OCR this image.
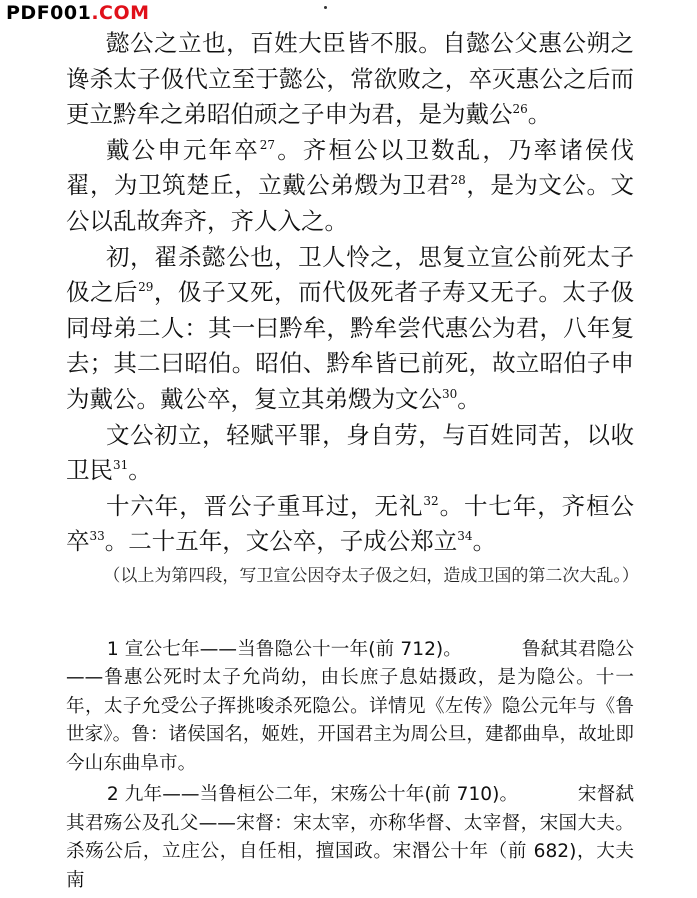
PDF001.COM

懿公之立也，百姓大臣皆不服。自懿公父惠公朔之谗杀太子伋代立至于懿公，常欲败之，卒灭惠公之后而更立黔牟之弟昭伯顽之子申为君，是为戴公$^{26}$。

戴公申元年卒$^{27}$。齐桓公以卫数乱，乃率诸侯伐翟，为卫筑楚丘，立戴公弟燬为卫君$^{28}$，是为文公。文公以乱故奔齐，齐人入之。

初，翟杀懿公也，卫人怜之，思复立宣公前死太子伋之后$^{29}$，伋子又死，而代伋死者子寿又无子。太子伋同母弟二人：其一曰黔牟，黔牟尝代惠公为君，八年复去；其二曰昭伯。昭伯、黔牟皆已前死，故立昭伯子申为戴公。戴公卒，复立其弟燬为文公$^{30}$。

文公初立，轻赋平罪，身自劳，与百姓同苦，以收卫民$^{31}$。

十六年，晋公子重耳过，无礼$^{32}$。十七年，齐桓公卒$^{33}$。二十五年，文公卒，子成公郑立$^{34}$。

（以上为第四段，写卫宣公因夺太子伋之妇，造成卫国的第二次大乱。）

1 宣公七年——当鲁隐公十一年(前 712)。	鲁弑其君隐公——鲁惠公死时太子允尚幼，由长庶子息姑摄政，是为隐公。十一年，太子允受公子挥挑唆杀死隐公。详情见《左传》隐公元年与《鲁世家》。鲁：诸侯国名，姬姓，开国君主为周公旦，建都曲阜，故址即今山东曲阜市。

2 九年——当鲁桓公二年，宋殇公十年(前 710)。	宋督弑其君殇公及孔父——宋督：宋太宰，亦称华督、太宰督，宋国大夫。杀殇公后，立庄公，自任相，擅国政。宋湣公十年（前 682)，大夫南
